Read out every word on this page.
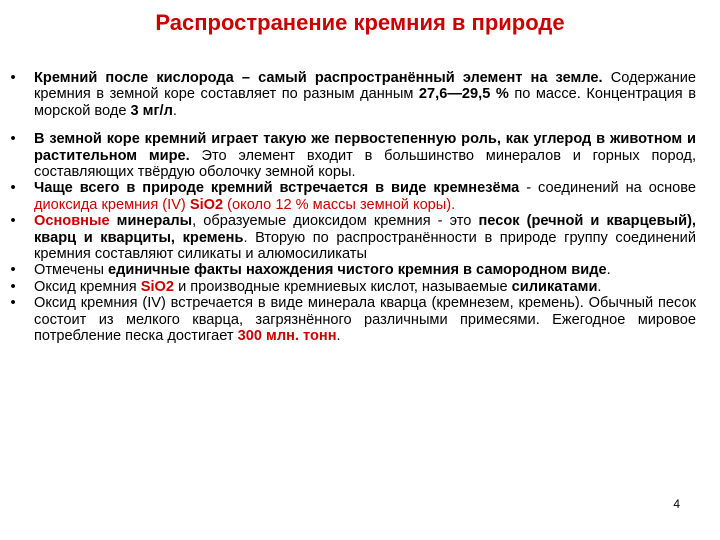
Распространение кремния в природе
•	Кремний после кислорода – самый распространённый элемент на земле. Содержание кремния в земной коре составляет по разным данным 27,6—29,5 % по массе. Концентрация в морской воде 3 мг/л.
•	В земной коре кремний играет такую же первостепенную роль, как углерод в животном и растительном мире. Это элемент входит в большинство минералов и горных пород, составляющих твёрдую оболочку земной коры.
•	Чаще всего в природе кремний встречается в виде кремнезёма - соединений на основе диоксида кремния (IV) SiO2 (около 12 % массы земной коры).
•	Основные минералы, образуемые диоксидом кремния - это песок (речной и кварцевый), кварц и кварциты, кремень. Вторую по распространённости в природе группу соединений кремния составляют силикаты и алюмосиликаты
•	Отмечены единичные факты нахождения чистого кремния в самородном виде.
•	Оксид кремния SiO2 и производные кремниевых кислот, называемые силикатами.
•	Оксид кремния (IV) встречается в виде минерала кварца (кремнезем, кремень). Обычный песок состоит из мелкого кварца, загрязнённого различными примесями. Ежегодное мировое потребление песка достигает 300 млн. тонн.
4
